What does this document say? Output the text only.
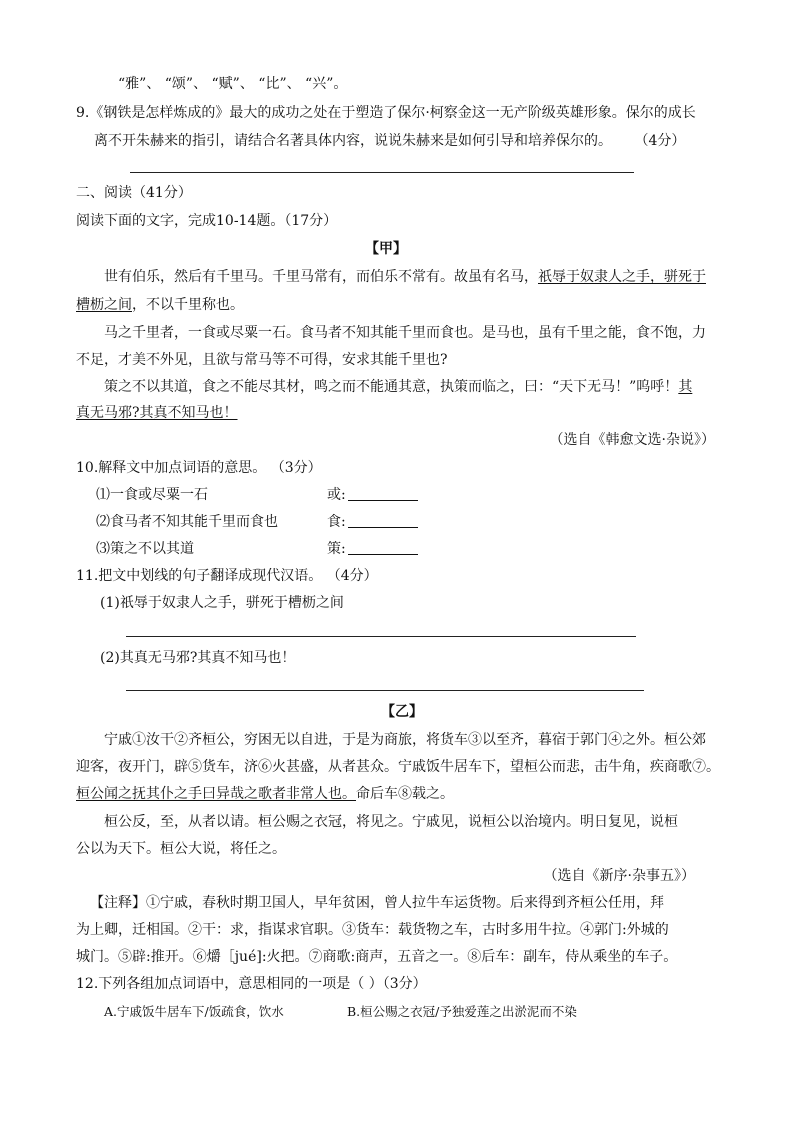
“雅”、 “颂”、 “赋”、 “比”、 “兴”。
9.《钢铁是怎样炼成的》最大的成功之处在于塑造了保尔·柯察金这一无产阶级英雄形象。保尔的成长
离不开朱赫来的指引，请结合名著具体内容，说说朱赫来是如何引导和培养保尔的。 （4分）
二、阅读（41分）
阅读下面的文字，完成10-14题。（17分）
【甲】
世有伯乐，然后有千里马。千里马常有，而伯乐不常有。故虽有名马，祇辱于奴隶人之手，骈死于
槽枥之间，不以千里称也。
马之千里者，一食或尽粟一石。食马者不知其能千里而食也。是马也，虽有千里之能，食不饱，力
不足，才美不外见，且欲与常马等不可得，安求其能千里也?
策之不以其道，食之不能尽其材，鸣之而不能通其意，执策而临之，曰：“天下无马！”呜呼！其
真无马邪?其真不知马也！
（选自《韩愈文选·杂说》）
10.解释文中加点词语的意思。 （3分）
⑴一食或尽粟一石	或:
⑵食马者不知其能千里而食也	食:
⑶策之不以其道	策:
11.把文中划线的句子翻译成现代汉语。 （4分）
(1)祇辱于奴隶人之手，骈死于槽枥之间
(2)其真无马邪?其真不知马也！
【乙】
宁戚①汝干②齐桓公，穷困无以自进，于是为商旅，将货车③以至齐，暮宿于郭门④之外。桓公郊
迎客，夜开门，辟⑤货车，济⑥火甚盛，从者甚众。宁戚饭牛居车下，望桓公而悲，击牛角，疾商歌⑦。
桓公闻之抚其仆之手曰异哉之歌者非常人也。命后车⑧载之。
桓公反，至，从者以请。桓公赐之衣冠，将见之。宁戚见，说桓公以治境内。明日复见，说桓
公以为天下。桓公大说，将任之。
（选自《新序·杂事五》）
【注释】①宁戚，春秋时期卫国人，早年贫困，曾人拉牛车运货物。后来得到齐桓公任用，拜
为上卿，迁相国。②干：求，指谋求官职。③货车：载货物之车，古时多用牛拉。④郭门:外城的
城门。⑤辟:推开。⑥爝［jué]:火把。⑦商歌:商声，五音之一。⑧后车：副车，侍从乘坐的车子。
12.下列各组加点词语中，意思相同的一项是（ ）（3分）
A.宁戚饭牛居车下/饭疏食，饮水	B.桓公赐之衣冠/予独爱莲之出淤泥而不染
